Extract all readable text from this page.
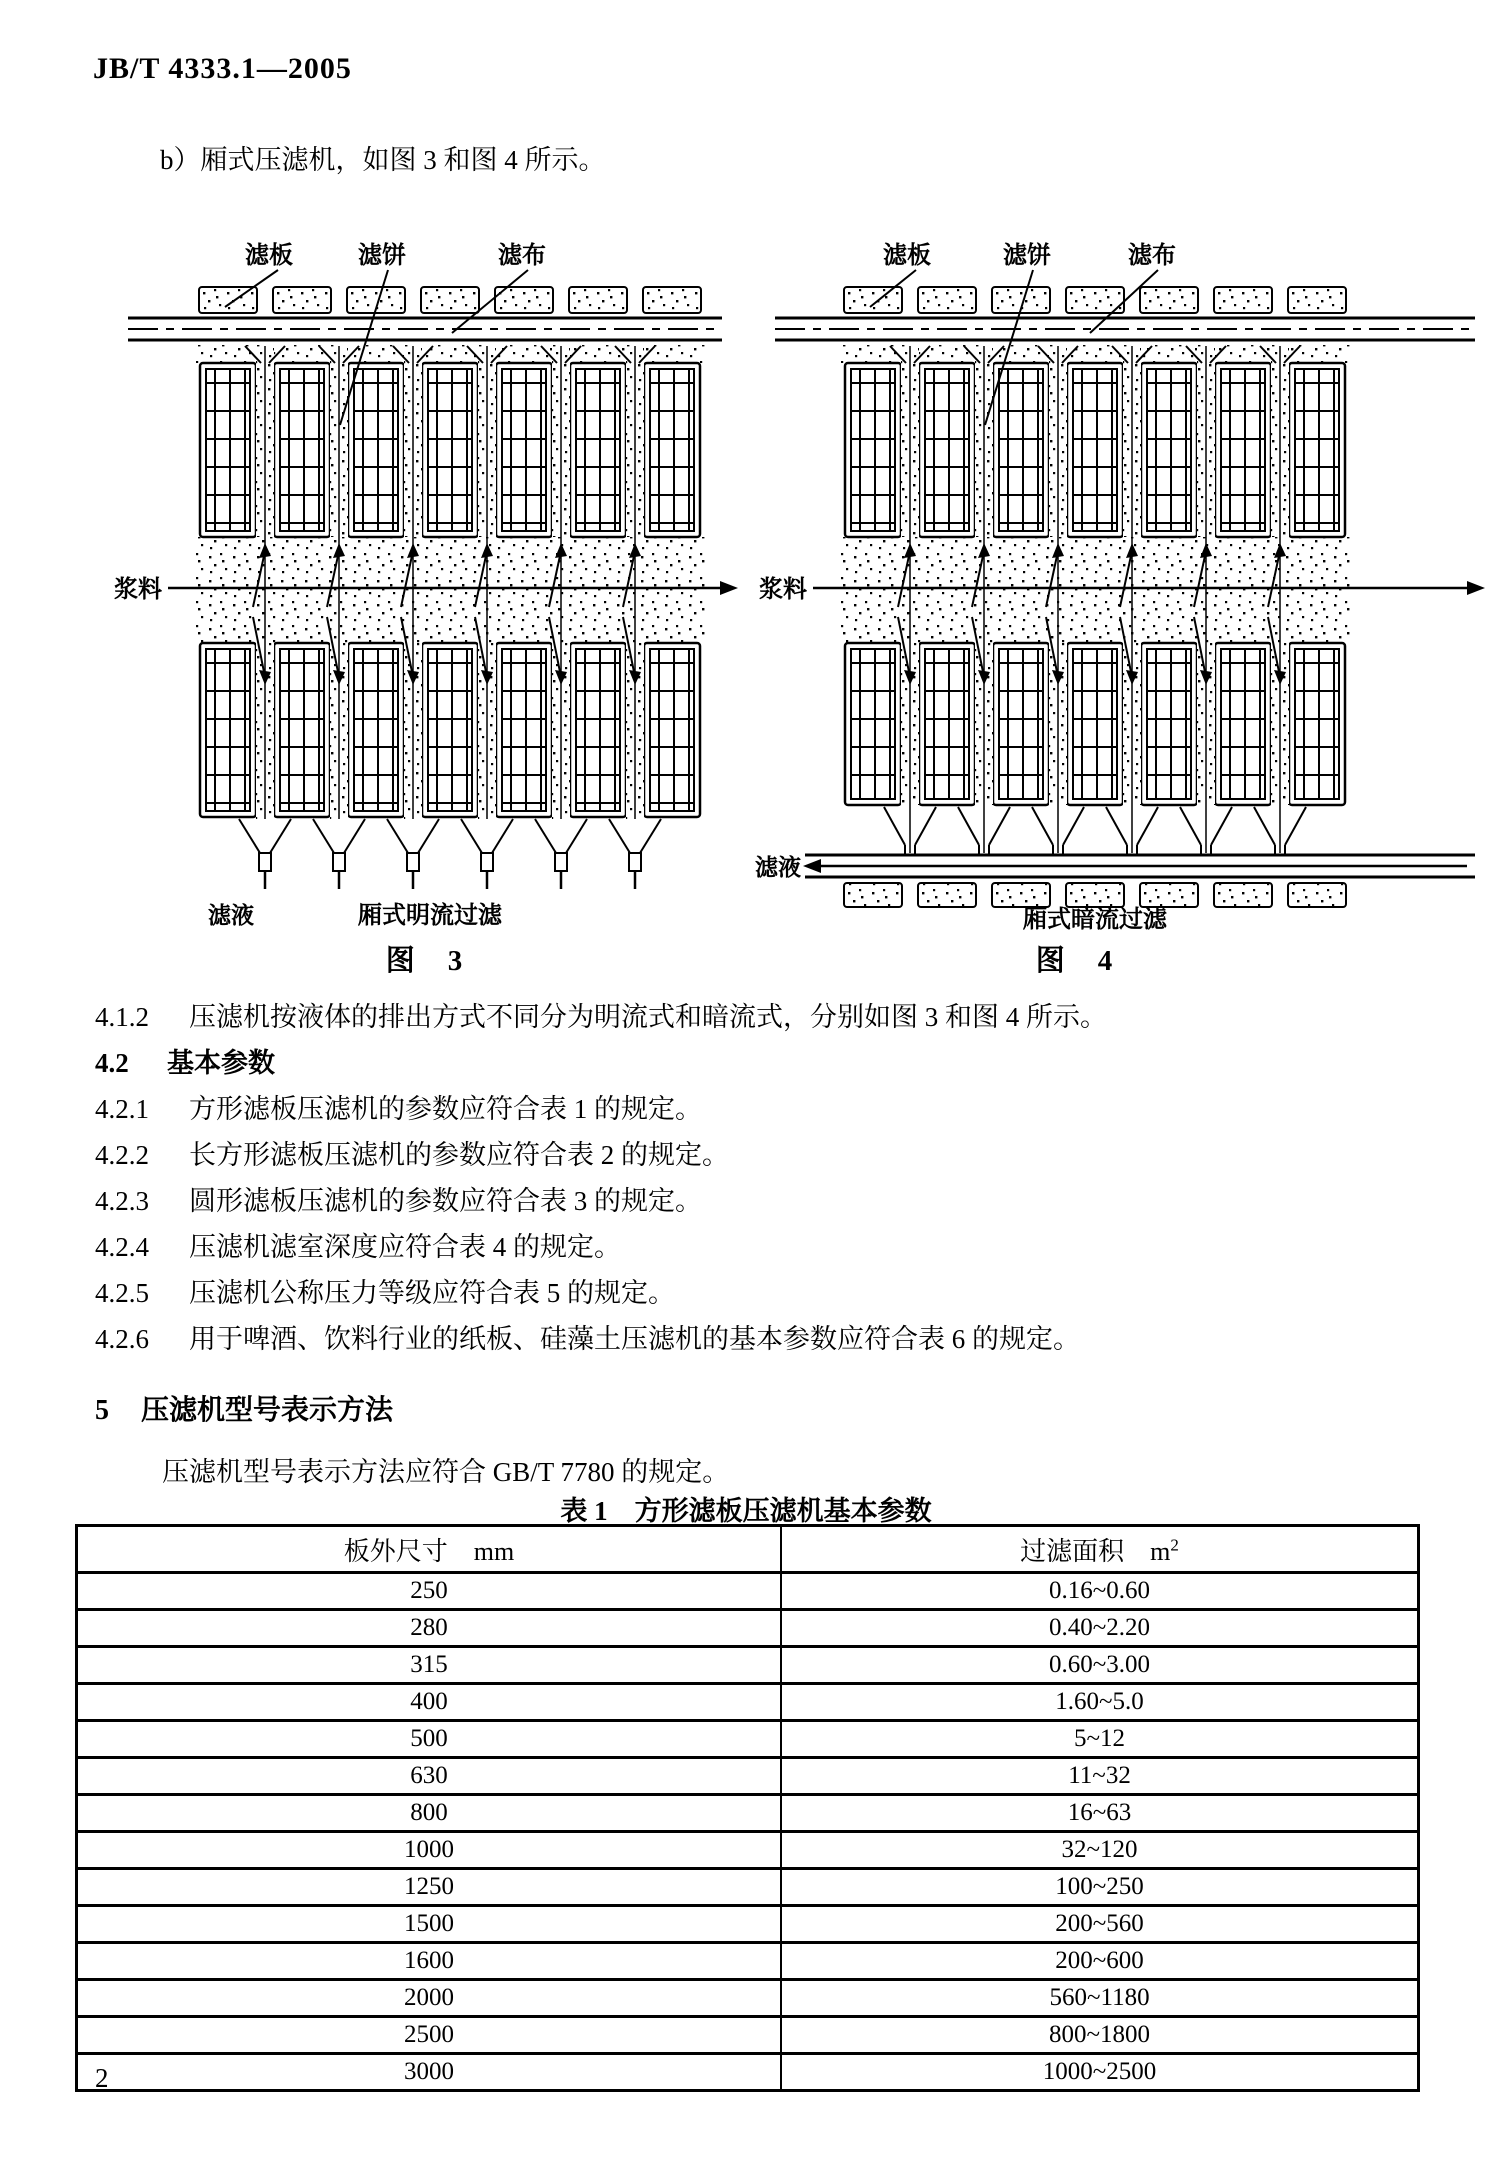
JB/T 4333.1—2005
b）厢式压滤机，如图 3 和图 4 所示。
滤板	滤饼	滤布
浆料
滤液	厢式明流过滤
图　3
滤板	滤饼	滤布
浆料
滤液
厢式暗流过滤
图　4
4.1.2 压滤机按液体的排出方式不同分为明流式和暗流式，分别如图 3 和图 4 所示。
4.2 基本参数
4.2.1 方形滤板压滤机的参数应符合表 1 的规定。
4.2.2 长方形滤板压滤机的参数应符合表 2 的规定。
4.2.3 圆形滤板压滤机的参数应符合表 3 的规定。
4.2.4 压滤机滤室深度应符合表 4 的规定。
4.2.5 压滤机公称压力等级应符合表 5 的规定。
4.2.6 用于啤酒、饮料行业的纸板、硅藻土压滤机的基本参数应符合表 6 的规定。
5 压滤机型号表示方法
压滤机型号表示方法应符合 GB/T 7780 的规定。
表 1　方形滤板压滤机基本参数
板外尺寸　mm	过滤面积　$m^2$
250	0.16~0.60
280	0.40~2.20
315	0.60~3.00
400	1.60~5.0
500	5~12
630	11~32
800	16~63
1000	32~120
1250	100~250
1500	200~560
1600	200~600
2000	560~1180
2500	800~1800
3000	1000~2500
2
